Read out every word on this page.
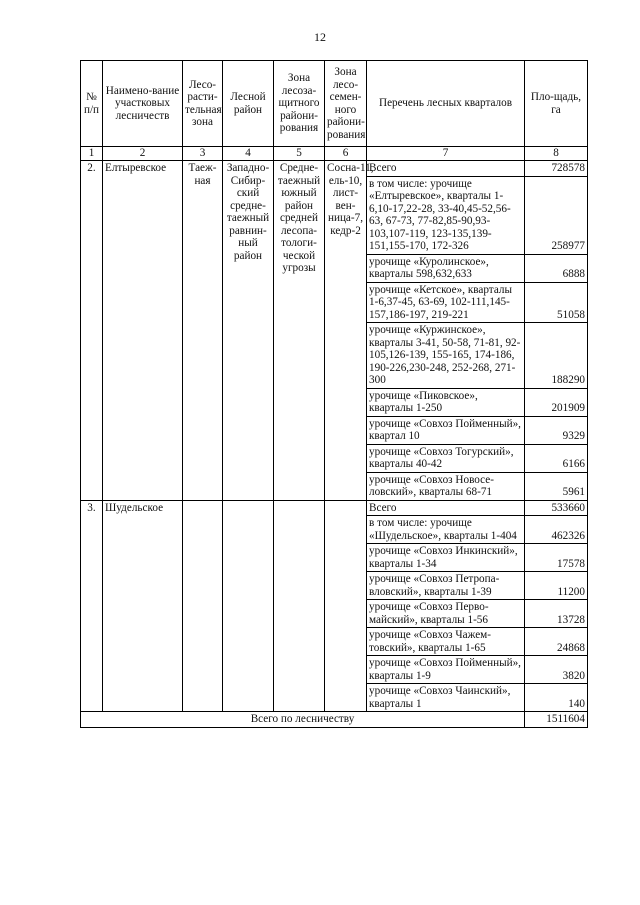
12
№ п/п	Наимено-вание участковых лесничеств	Лесо-расти-тельная зона	Лесной район	Зона лесоза-щитного райони-рования	Зона лесо-семен-ного райони-рования	Перечень лесных кварталов	Пло-щадь, га
1	2	3	4	5	6	7	8
2.	Елтыревское	Таеж-ная	Западно-Сибир-ский средне-таежный равнин-ный район	Средне-таежный южный район средней лесопа-тологи-ческой угрозы	Сосна-11, ель-10, лист-вен-ница-7, кедр-2	Всего	728578
						в том числе: урочище «Елтыревское», кварталы 1-6,10-17,22-28, 33-40,45-52,56-63, 67-73, 77-82,85-90,93-103,107-119, 123-135,139-151,155-170, 172-326	258977
						урочище «Куролинское», кварталы 598,632,633	6888
						урочище «Кетское», кварталы 1-6,37-45, 63-69, 102-111,145-157,186-197, 219-221	51058
						урочище «Куржинское», кварталы 3-41, 50-58, 71-81, 92-105,126-139, 155-165, 174-186, 190-226,230-248, 252-268, 271-300	188290
						урочище «Пиковское», кварталы 1-250	201909
						урочище «Совхоз Пойменный», квартал 10	9329
						урочище «Совхоз Тогурский», кварталы 40-42	6166
						урочище «Совхоз Новосе-ловский», кварталы 68-71	5961
3.	Шудельское					Всего	533660
						в том числе: урочище «Шудельское», кварталы 1-404	462326
						урочище «Совхоз Инкинский», кварталы 1-34	17578
						урочище «Совхоз Петропа-вловский», кварталы 1-39	11200
						урочище «Совхоз Перво-майский», кварталы 1-56	13728
						урочище «Совхоз Чажем-товский», кварталы 1-65	24868
						урочище «Совхоз Пойменный», кварталы 1-9	3820
						урочище «Совхоз Чаинский», кварталы 1	140
Всего по лесничеству							1511604
